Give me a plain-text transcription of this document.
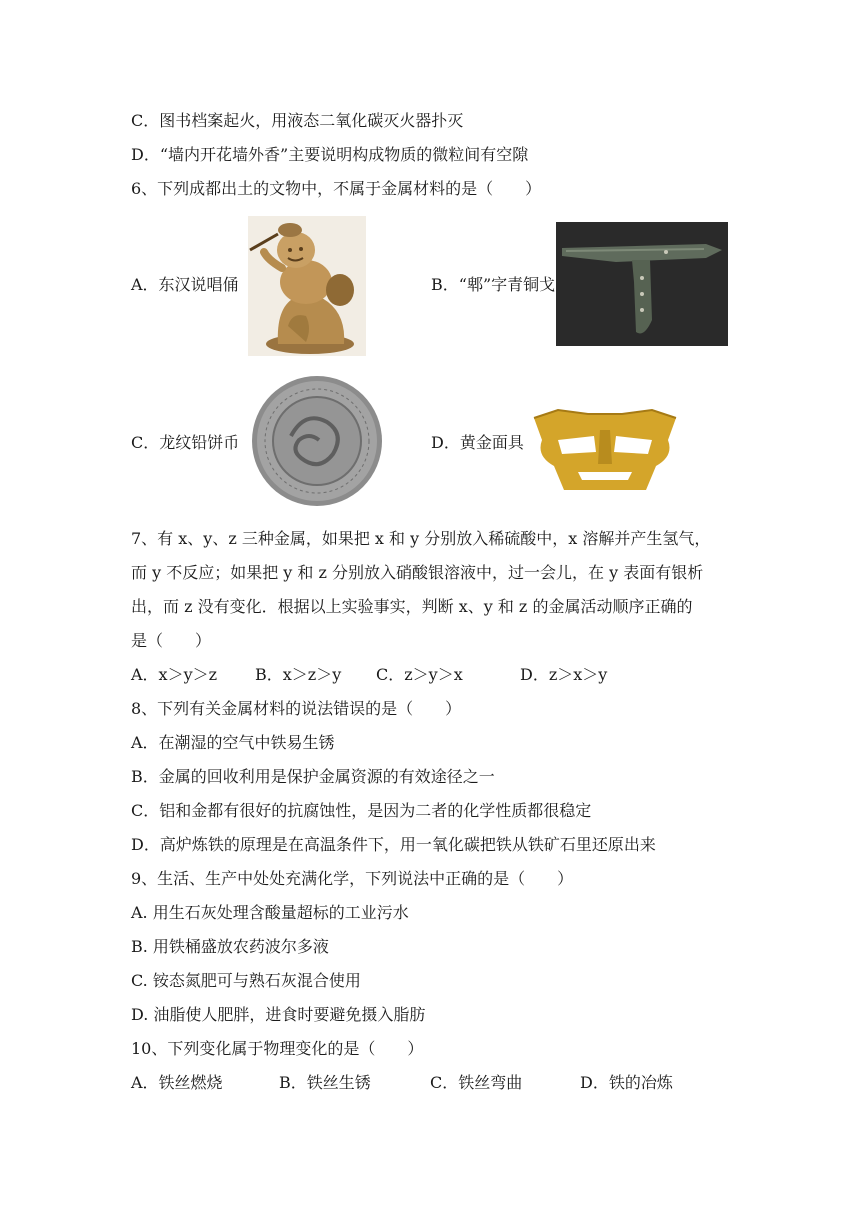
C．图书档案起火，用液态二氧化碳灭火器扑灭
D．“墙内开花墙外香”主要说明构成物质的微粒间有空隙
6、下列成都出土的文物中，不属于金属材料的是（　　）
A．东汉说唱俑	B．“郫”字青铜戈
C．龙纹铅饼币	D．黄金面具
7、有 x、y、z 三种金属，如果把 x 和 y 分别放入稀硫酸中，x 溶解并产生氢气，
而 y 不反应；如果把 y 和 z 分别放入硝酸银溶液中，过一会儿，在 y 表面有银析
出，而 z 没有变化．根据以上实验事实，判断 x、y 和 z 的金属活动顺序正确的
是（　　）
A．x＞y＞z B．x＞z＞y C．z＞y＞x	D．z＞x＞y
8、下列有关金属材料的说法错误的是（　　）
A．在潮湿的空气中铁易生锈
B．金属的回收利用是保护金属资源的有效途径之一
C．铝和金都有很好的抗腐蚀性，是因为二者的化学性质都很稳定
D．高炉炼铁的原理是在高温条件下，用一氧化碳把铁从铁矿石里还原出来
9、生活、生产中处处充满化学，下列说法中正确的是（　　）
A. 用生石灰处理含酸量超标的工业污水
B. 用铁桶盛放农药波尔多液
C. 铵态氮肥可与熟石灰混合使用
D. 油脂使人肥胖，进食时要避免摄入脂肪
10、下列变化属于物理变化的是（　　）
A．铁丝燃烧	B．铁丝生锈	C．铁丝弯曲	D．铁的冶炼
